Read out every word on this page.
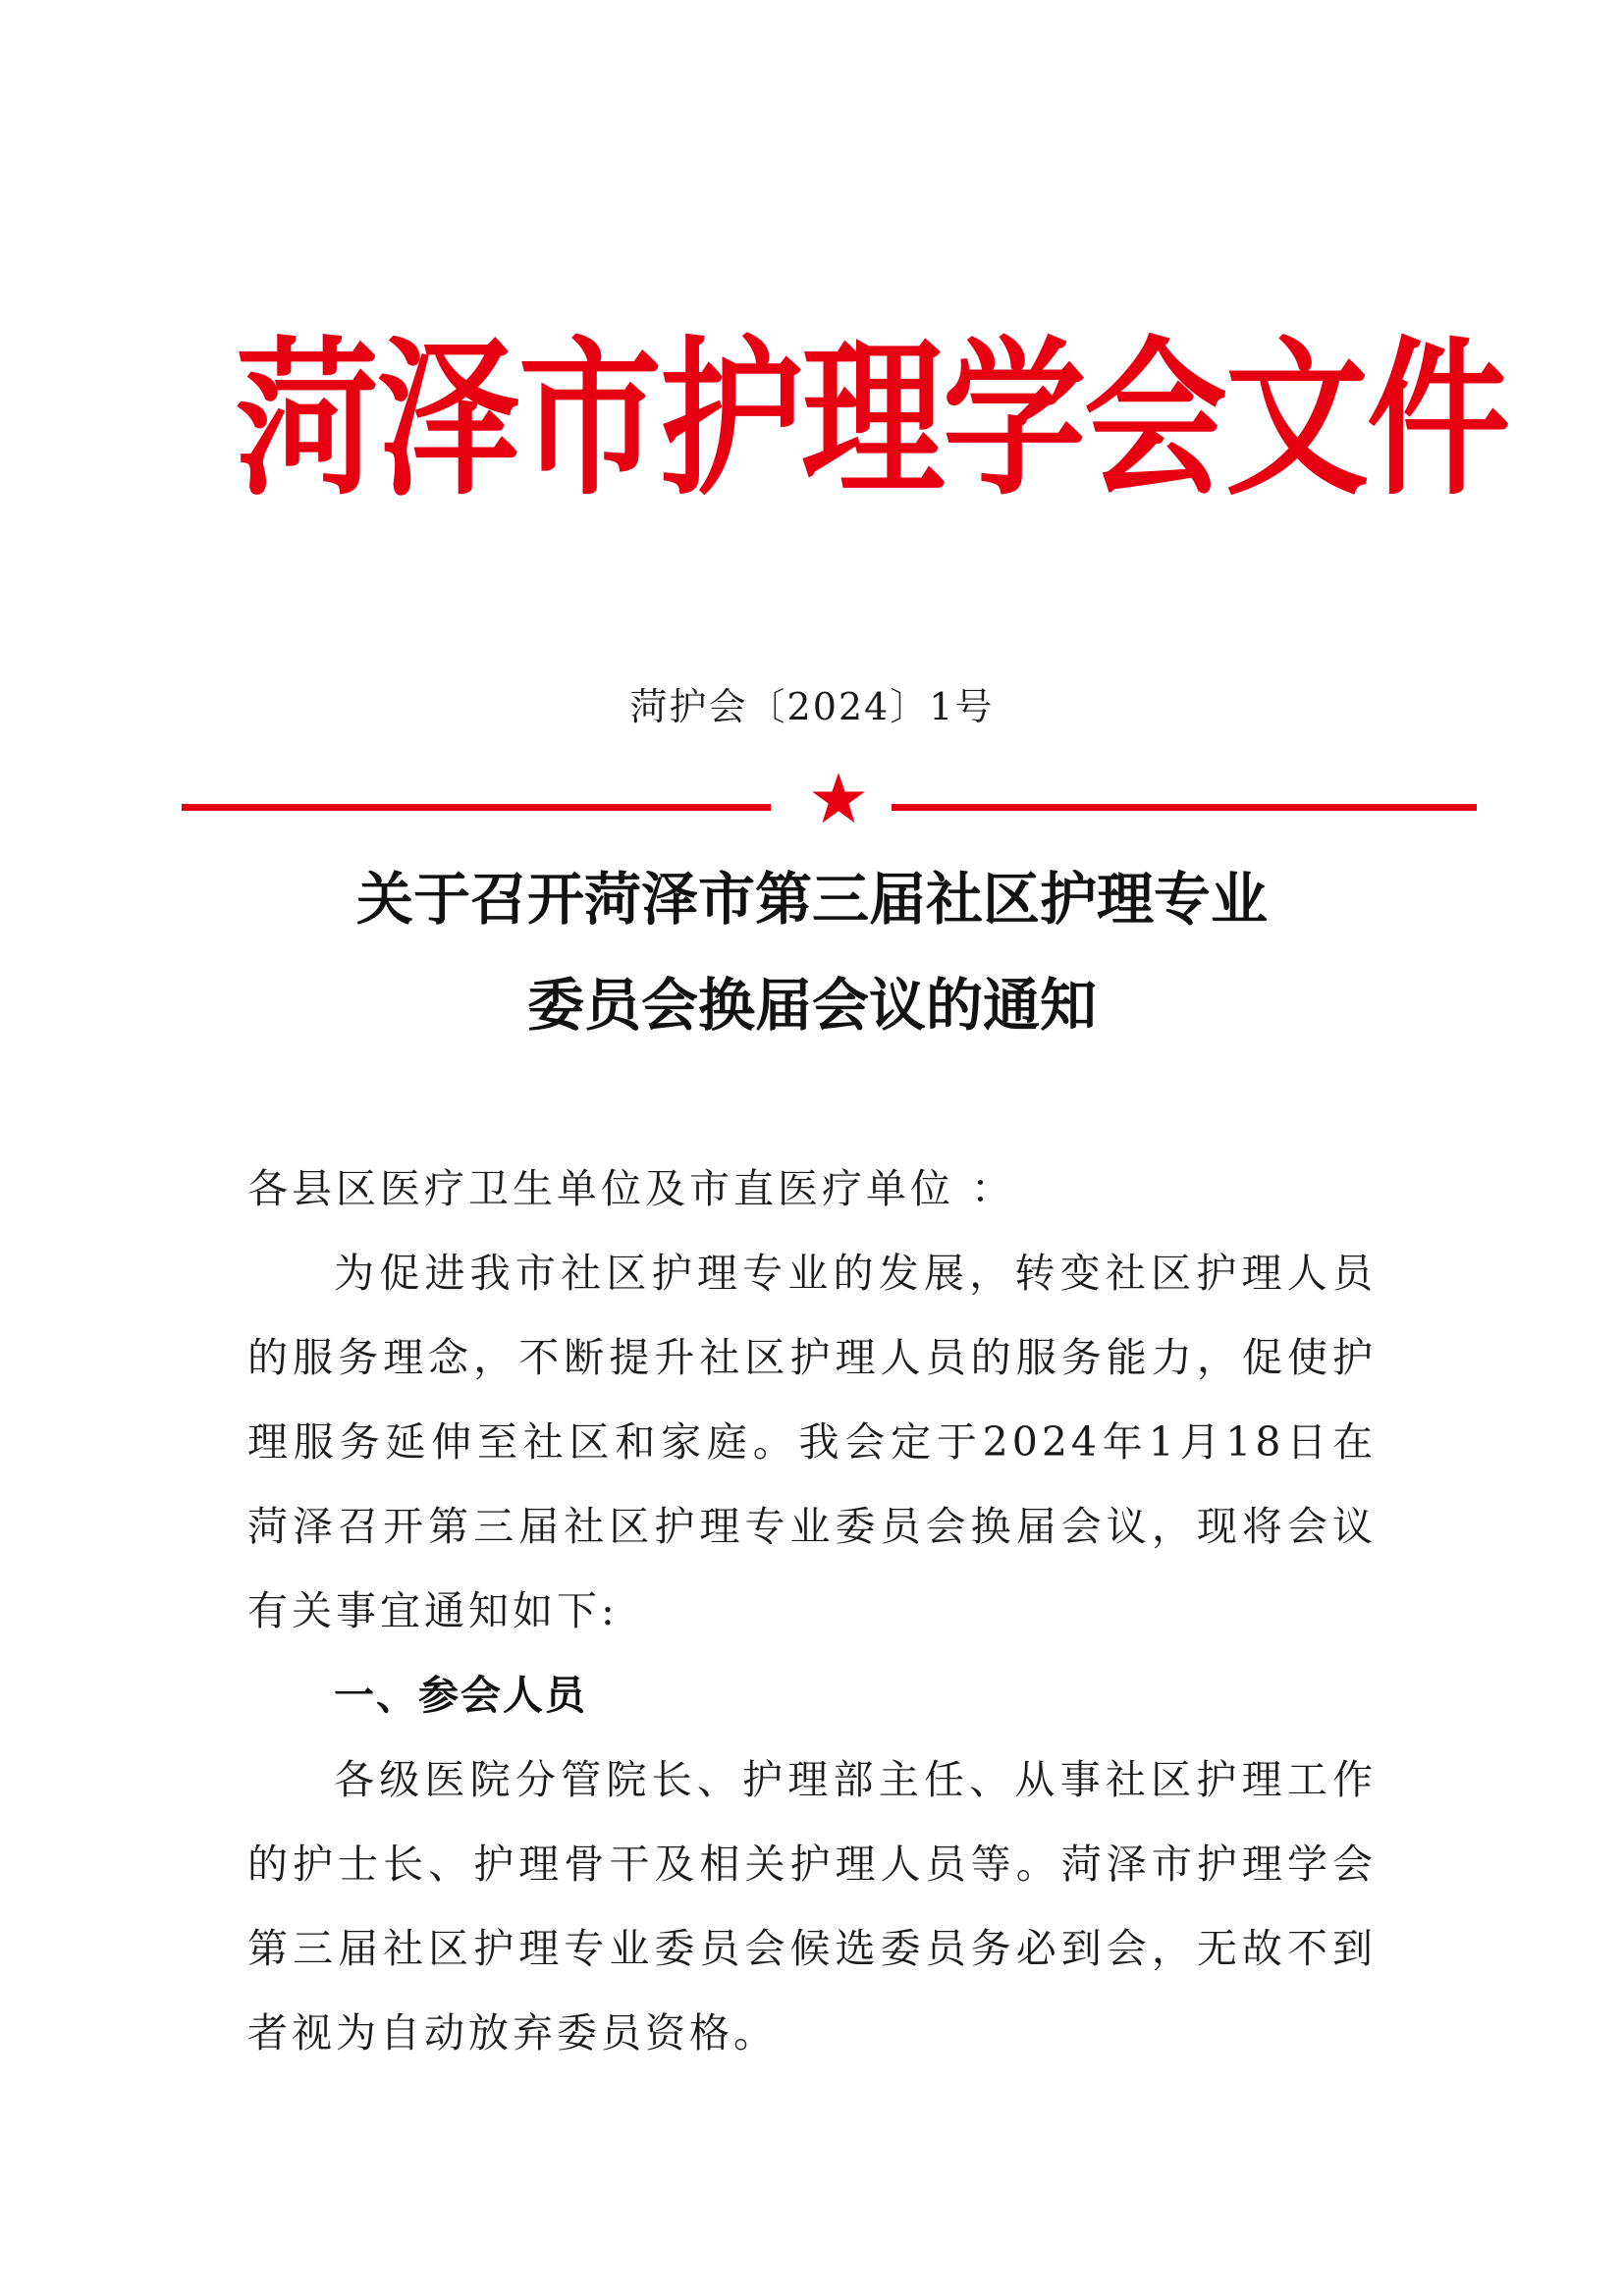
菏泽市护理学会文件
菏护会〔2024〕1号
关于召开菏泽市第三届社区护理专业
委员会换届会议的通知

各县区医疗卫生单位及市直医疗单位 ：

为促进我市社区护理专业的发展，转变社区护理人员的服务理念，不断提升社区护理人员的服务能力，促使护理服务延伸至社区和家庭。我会定于2024年1月18日在菏泽召开第三届社区护理专业委员会换届会议，现将会议有关事宜通知如下:

一、参会人员

各级医院分管院长、护理部主任、从事社区护理工作的护士长、护理骨干及相关护理人员等。菏泽市护理学会第三届社区护理专业委员会候选委员务必到会，无故不到者视为自动放弃委员资格。
